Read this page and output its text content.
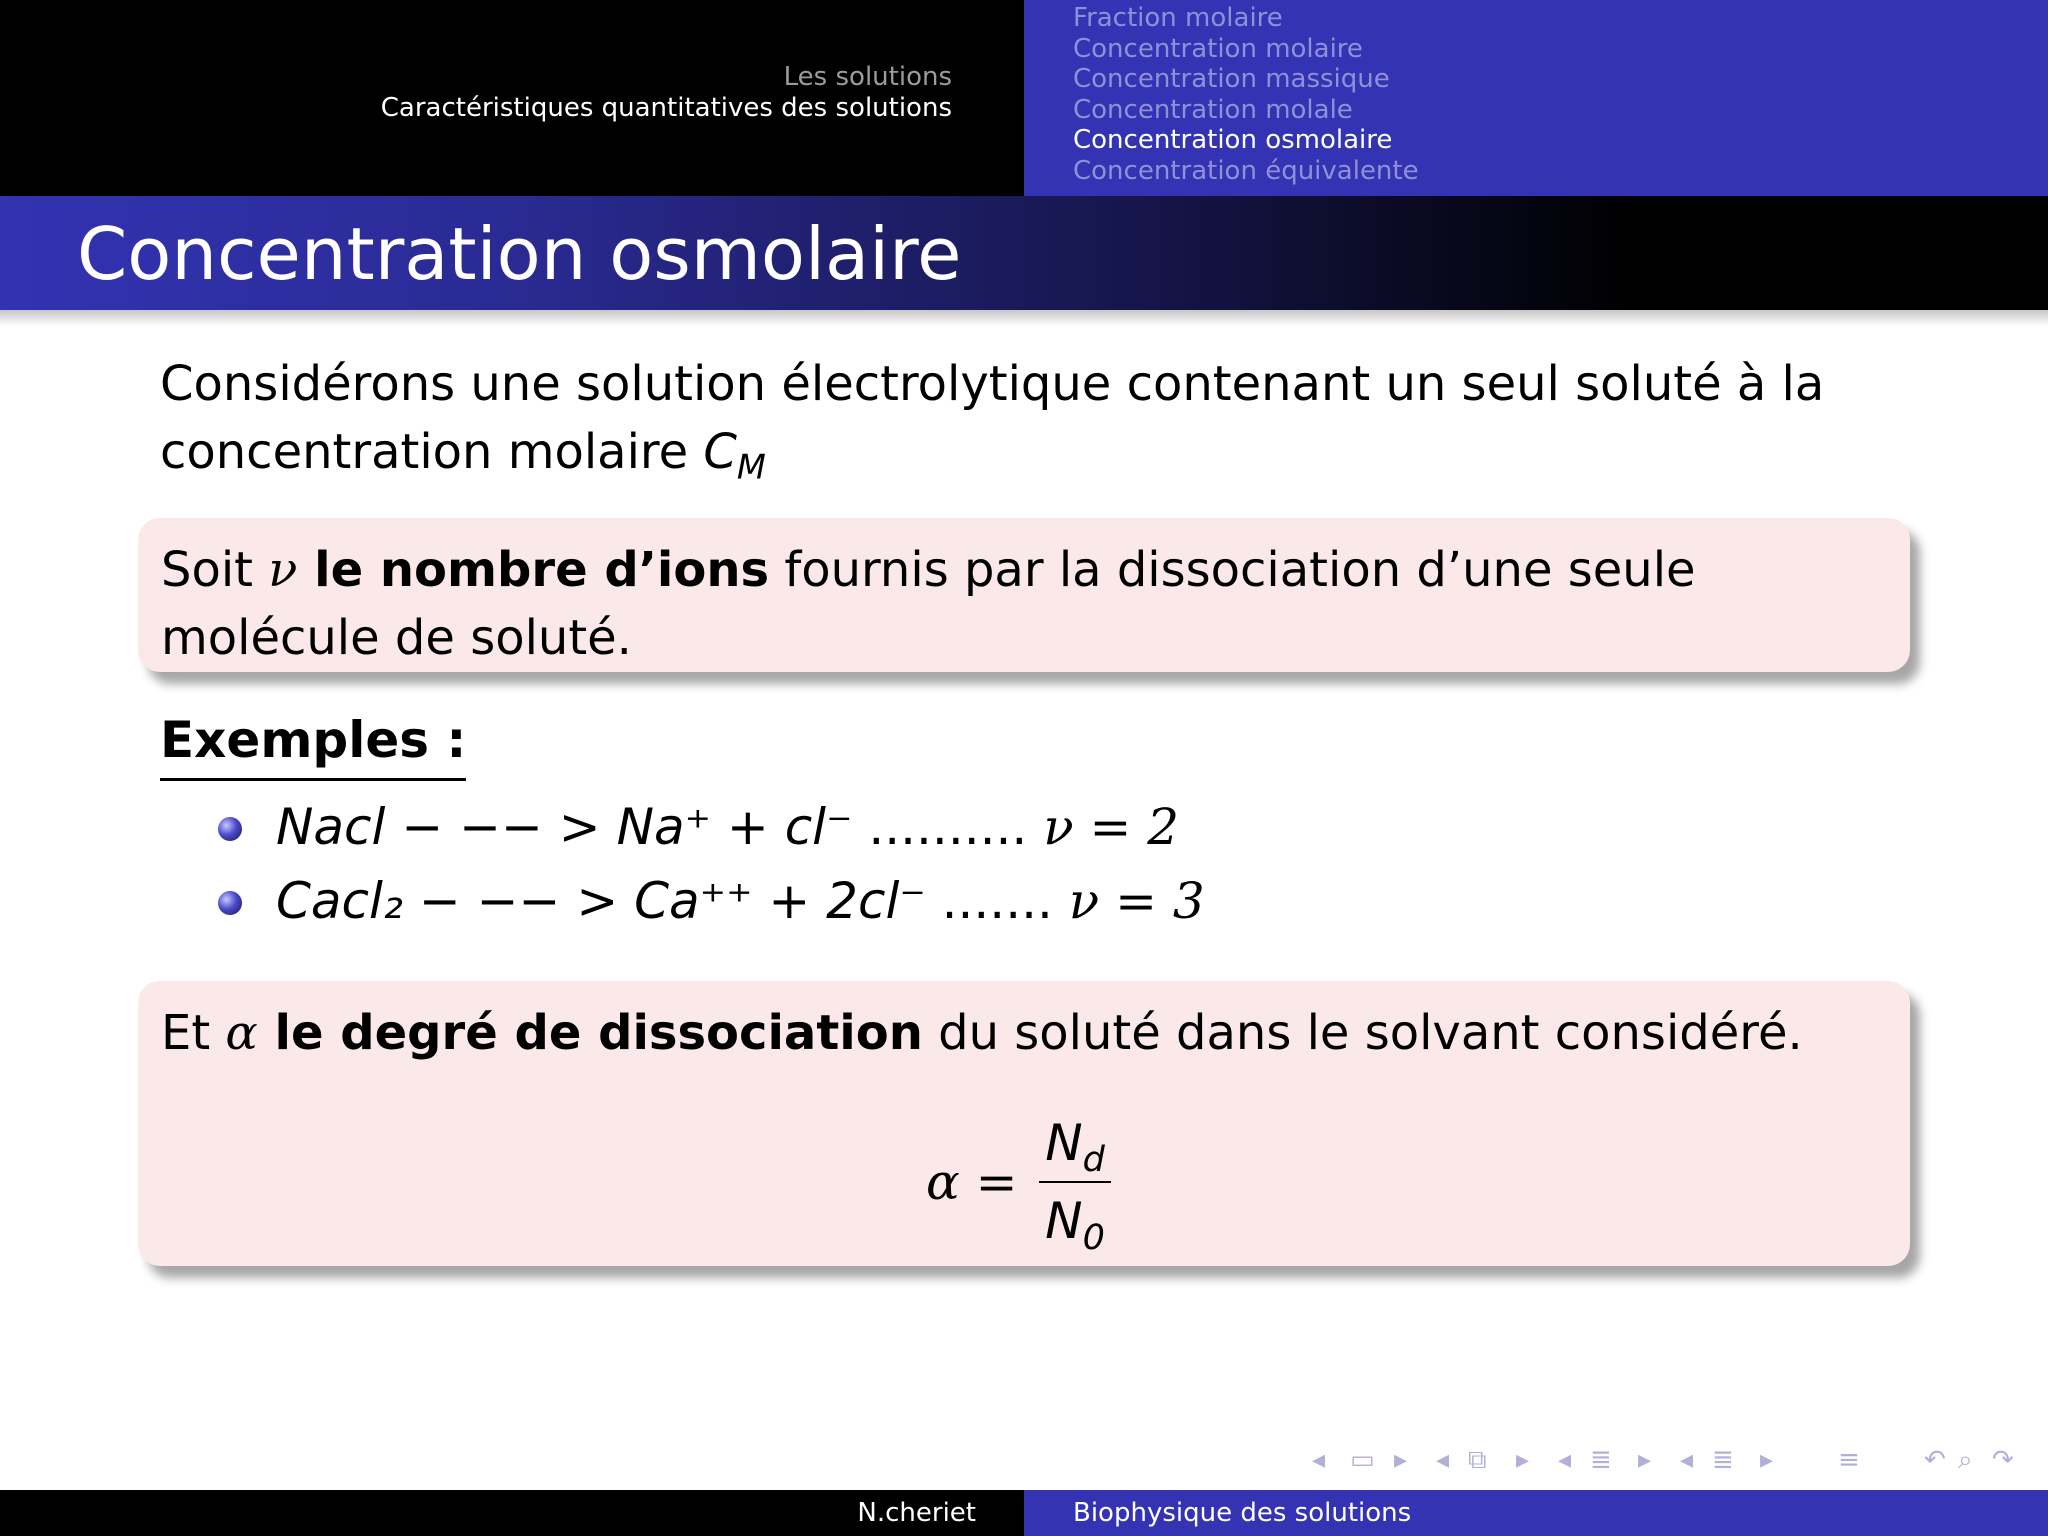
Les solutions
Caractéristiques quantitatives des solutions
Fraction molaire
Concentration molaire
Concentration massique
Concentration molale
Concentration osmolaire
Concentration équivalente
Concentration osmolaire
Considérons une solution électrolytique contenant un seul soluté à la concentration molaire $C_M$
Soit ν le nombre d’ions fournis par la dissociation d’une seule molécule de soluté.
Exemples :
Nacl − −− > Na⁺ + cl⁻ .......... ν = 2
Cacl₂ − −− > Ca⁺⁺ + 2cl⁻ ....... ν = 3
Et α le degré de dissociation du soluté dans le solvant considéré.
α =
$N_d$
$N_0$
◂ ▭ ▸ ◂ ⧉ ▸ ◂ ≣ ▸ ◂ ≣ ▸ ≡ ↶ ⌕ ↷
N.cheriet	Biophysique des solutions
